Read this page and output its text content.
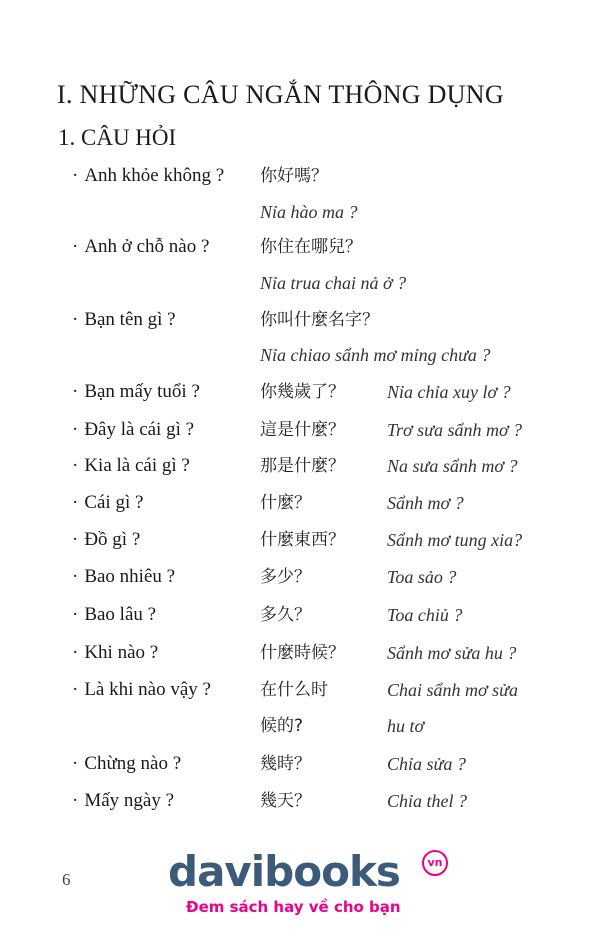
I. NHỮNG CÂU NGẮN THÔNG DỤNG
1. CÂU HỎI
· Anh khỏe không ? 你好嗎？
Nỉa hào ma ?
· Anh ở chỗ nào ?	你住在哪兒？
Nỉa trua chai nả ở ?
· Bạn tên gì ?	你叫什麼名字？
Nỉa chiao sẩnh mơ mỉng chưa ?
· Bạn mấy tuổi ?	你幾歲了？ Nỉa chỉa xuy lơ ?
· Đây là cái gì ?	這是什麼？ Trơ sưa sẩnh mơ ?
· Kia là cái gì ?	那是什麼？ Na sưa sẩnh mơ ?
· Cái gì ?	什麼？	Sẩnh mơ ?
· Đồ gì ?	什麼東西？ Sẩnh mơ tung xia?
· Bao nhiêu ?	多少？	Toa sảo ?
· Bao lâu ?	多久？	Toa chiủ ?
· Khi nào ?	什麼時候？ Sẩnh mơ sửa hu ?
· Là khi nào vậy ?	在什么时	Chai sẩnh mơ sửa
候的?	hu tơ
· Chừng nào ?	幾時？	Chỉa sửa ?
· Mấy ngày ?	幾天？	Chỉa thel ?
6 davibooks	vn
Đem sách hay về cho bạn
